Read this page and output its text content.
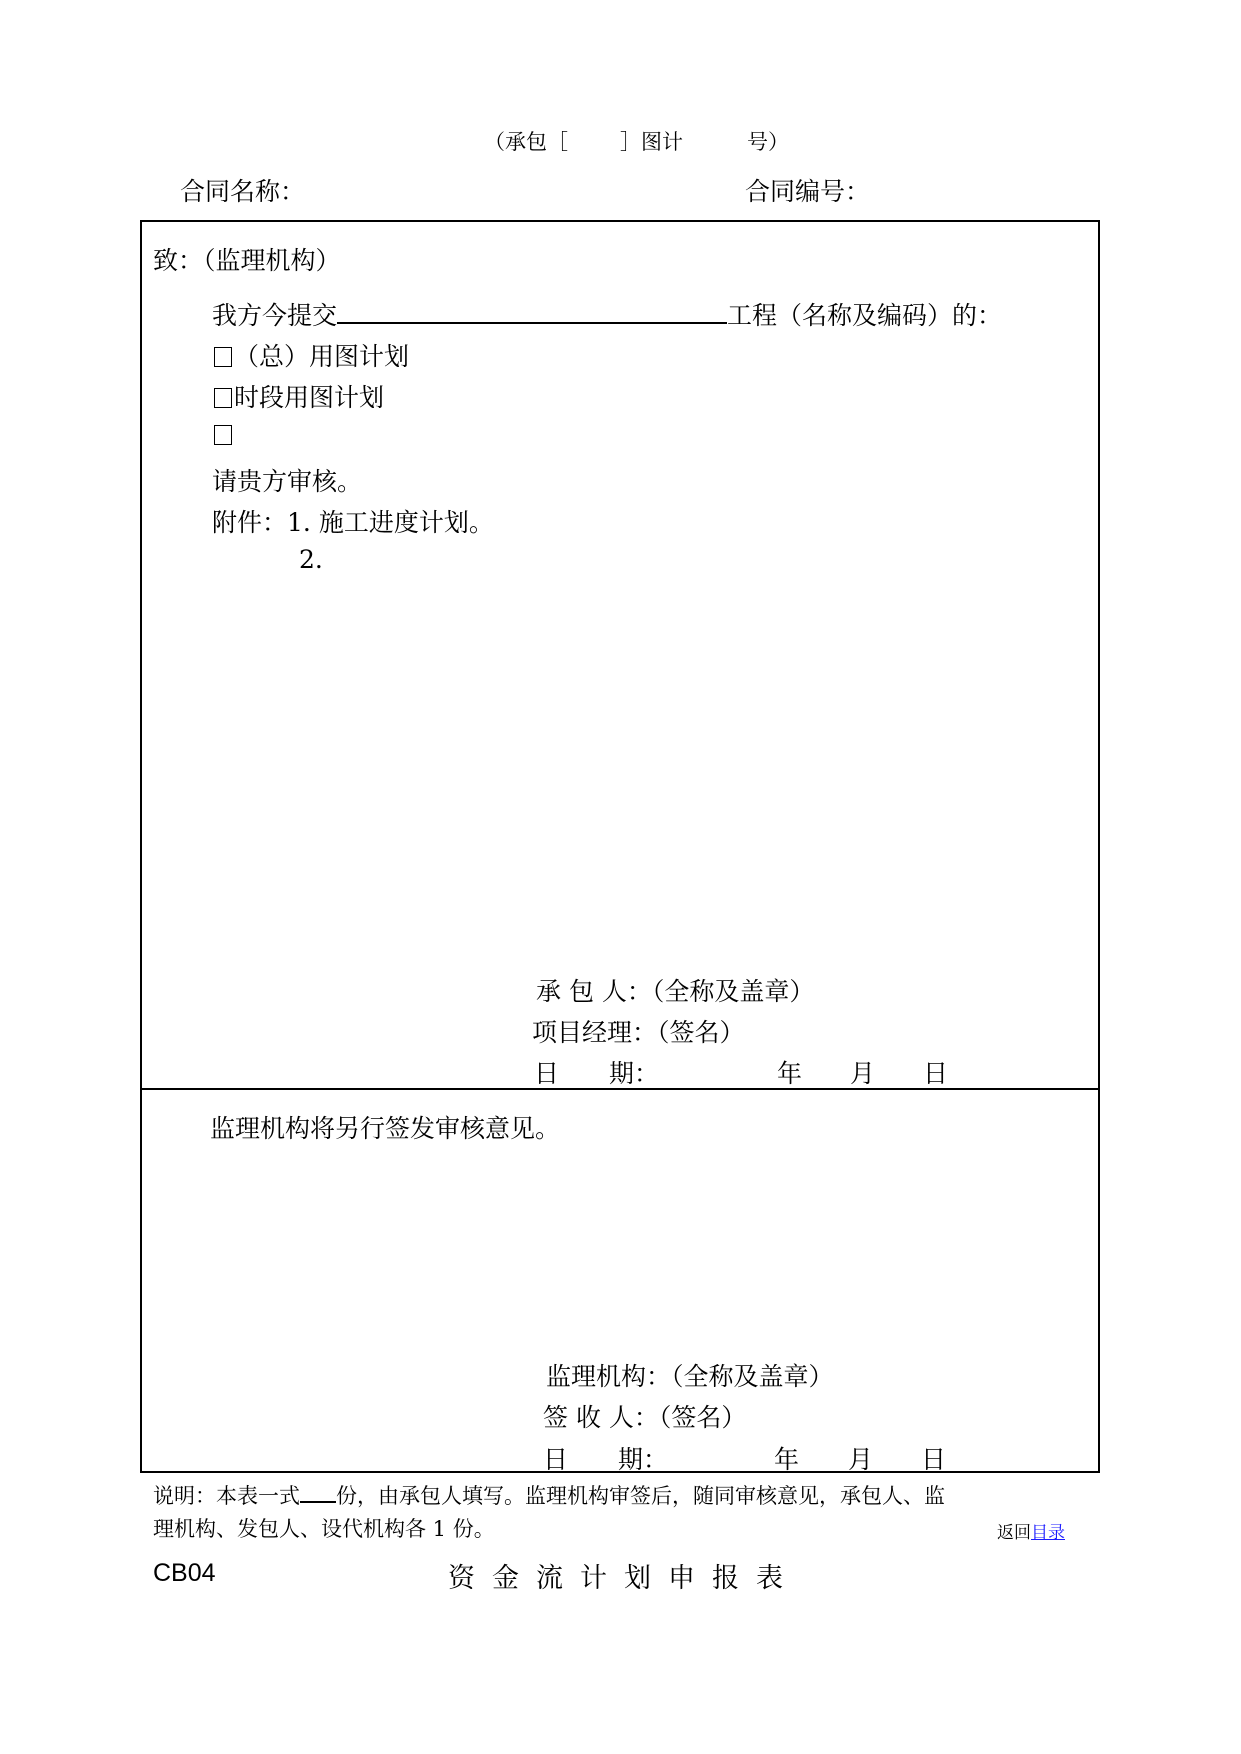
（承包［ ］图计	号）
合同名称：	合同编号：
致：（监理机构）
我方今提交	工程（名称及编码）的：
（总）用图计划
时段用图计划
请贵方审核。
附件：1. 施工进度计划。
2.
承 包 人：（全称及盖章）
项目经理：（签名）
日　　期：	年 月 日
监理机构将另行签发审核意见。
监理机构：（全称及盖章）
签 收 人：（签名）
日　　期：	年 月 日
说明：本表一式 份，由承包人填写。监理机构审签后，随同审核意见，承包人、监
理机构、发包人、设代机构各 1 份。	返回目录
CB04	资金流计划申报表
